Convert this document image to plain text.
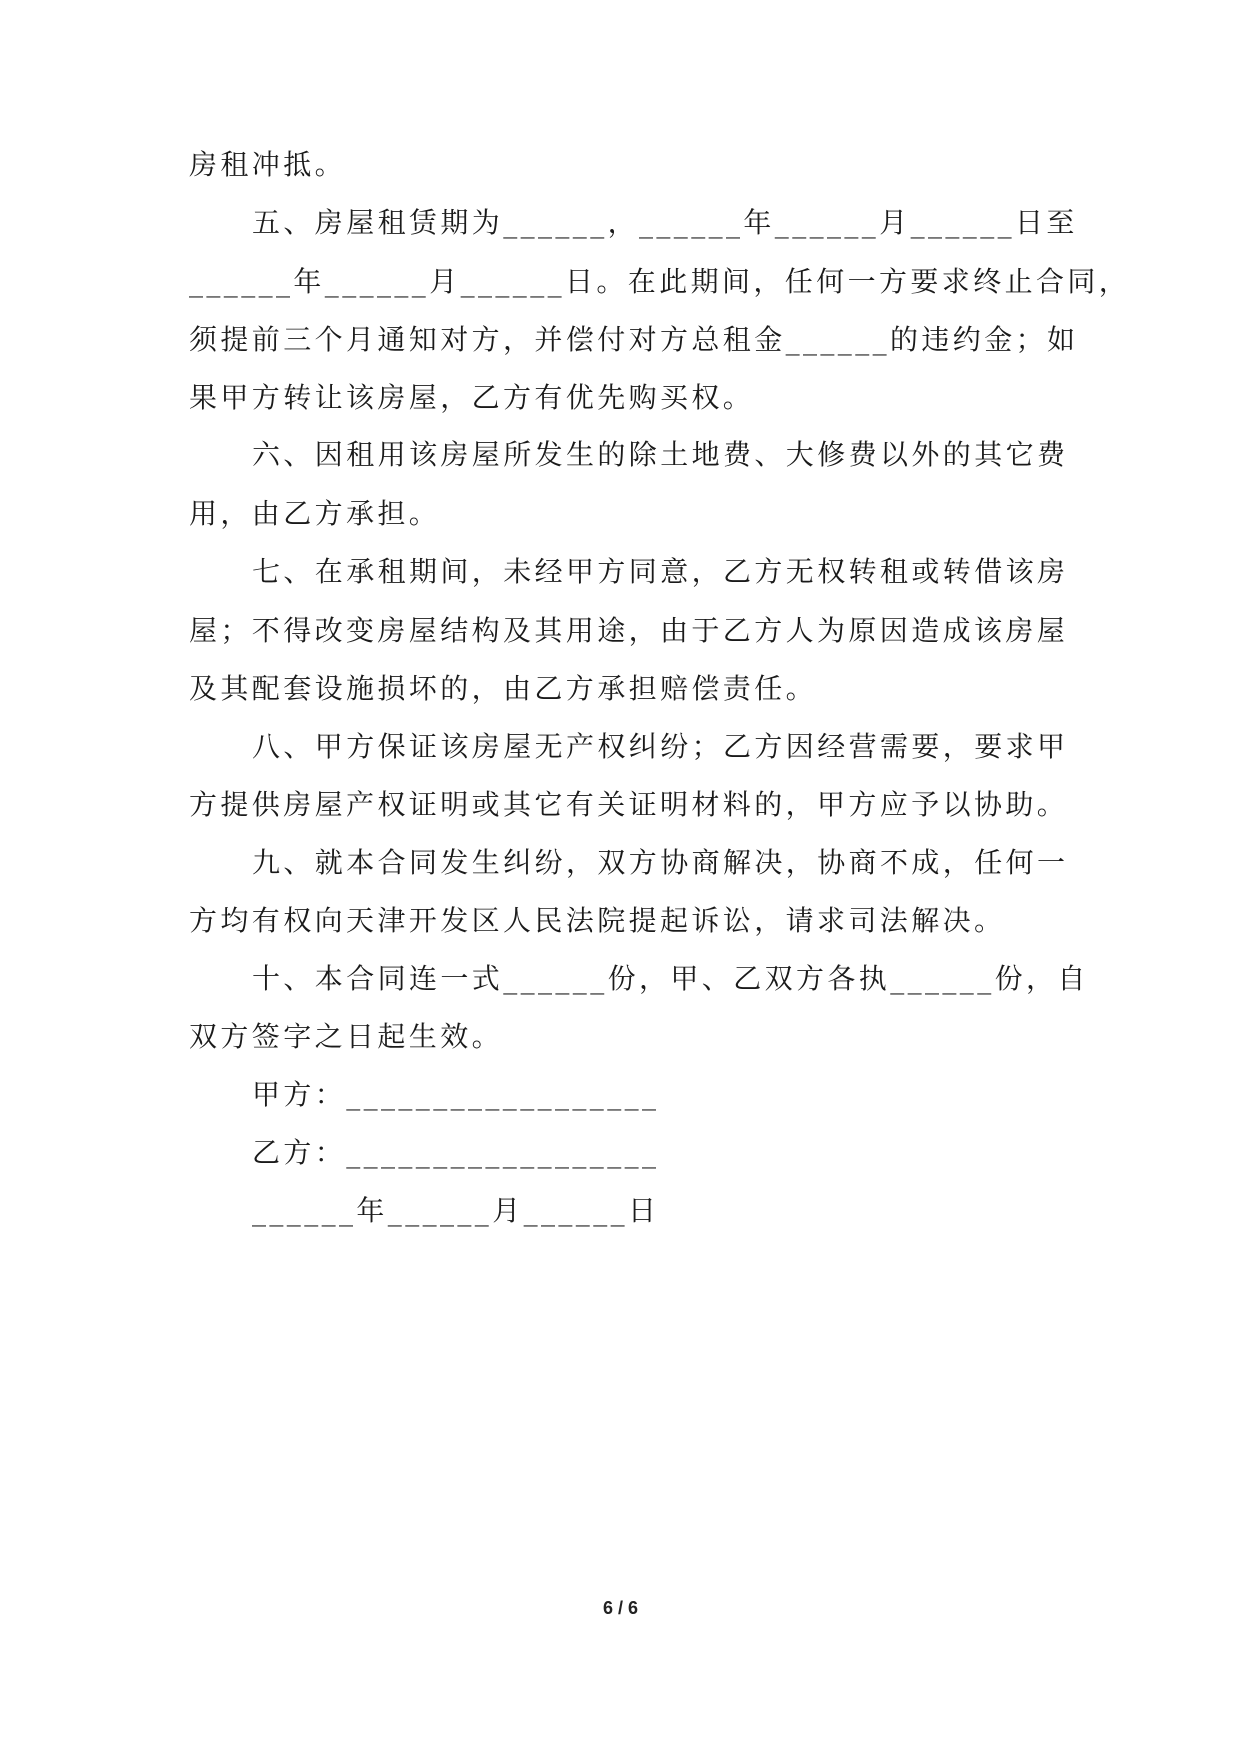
房租冲抵。
五、房屋租赁期为______，______年______月______日至
______年______月______日。在此期间，任何一方要求终止合同，
须提前三个月通知对方，并偿付对方总租金______的违约金；如
果甲方转让该房屋，乙方有优先购买权。
六、因租用该房屋所发生的除土地费、大修费以外的其它费
用，由乙方承担。
七、在承租期间，未经甲方同意，乙方无权转租或转借该房
屋；不得改变房屋结构及其用途，由于乙方人为原因造成该房屋
及其配套设施损坏的，由乙方承担赔偿责任。
八、甲方保证该房屋无产权纠纷；乙方因经营需要，要求甲
方提供房屋产权证明或其它有关证明材料的，甲方应予以协助。
九、就本合同发生纠纷，双方协商解决，协商不成，任何一
方均有权向天津开发区人民法院提起诉讼，请求司法解决。
十、本合同连一式______份，甲、乙双方各执______份，自
双方签字之日起生效。
甲方：__________________
乙方：__________________
______年______月______日
6 / 6
